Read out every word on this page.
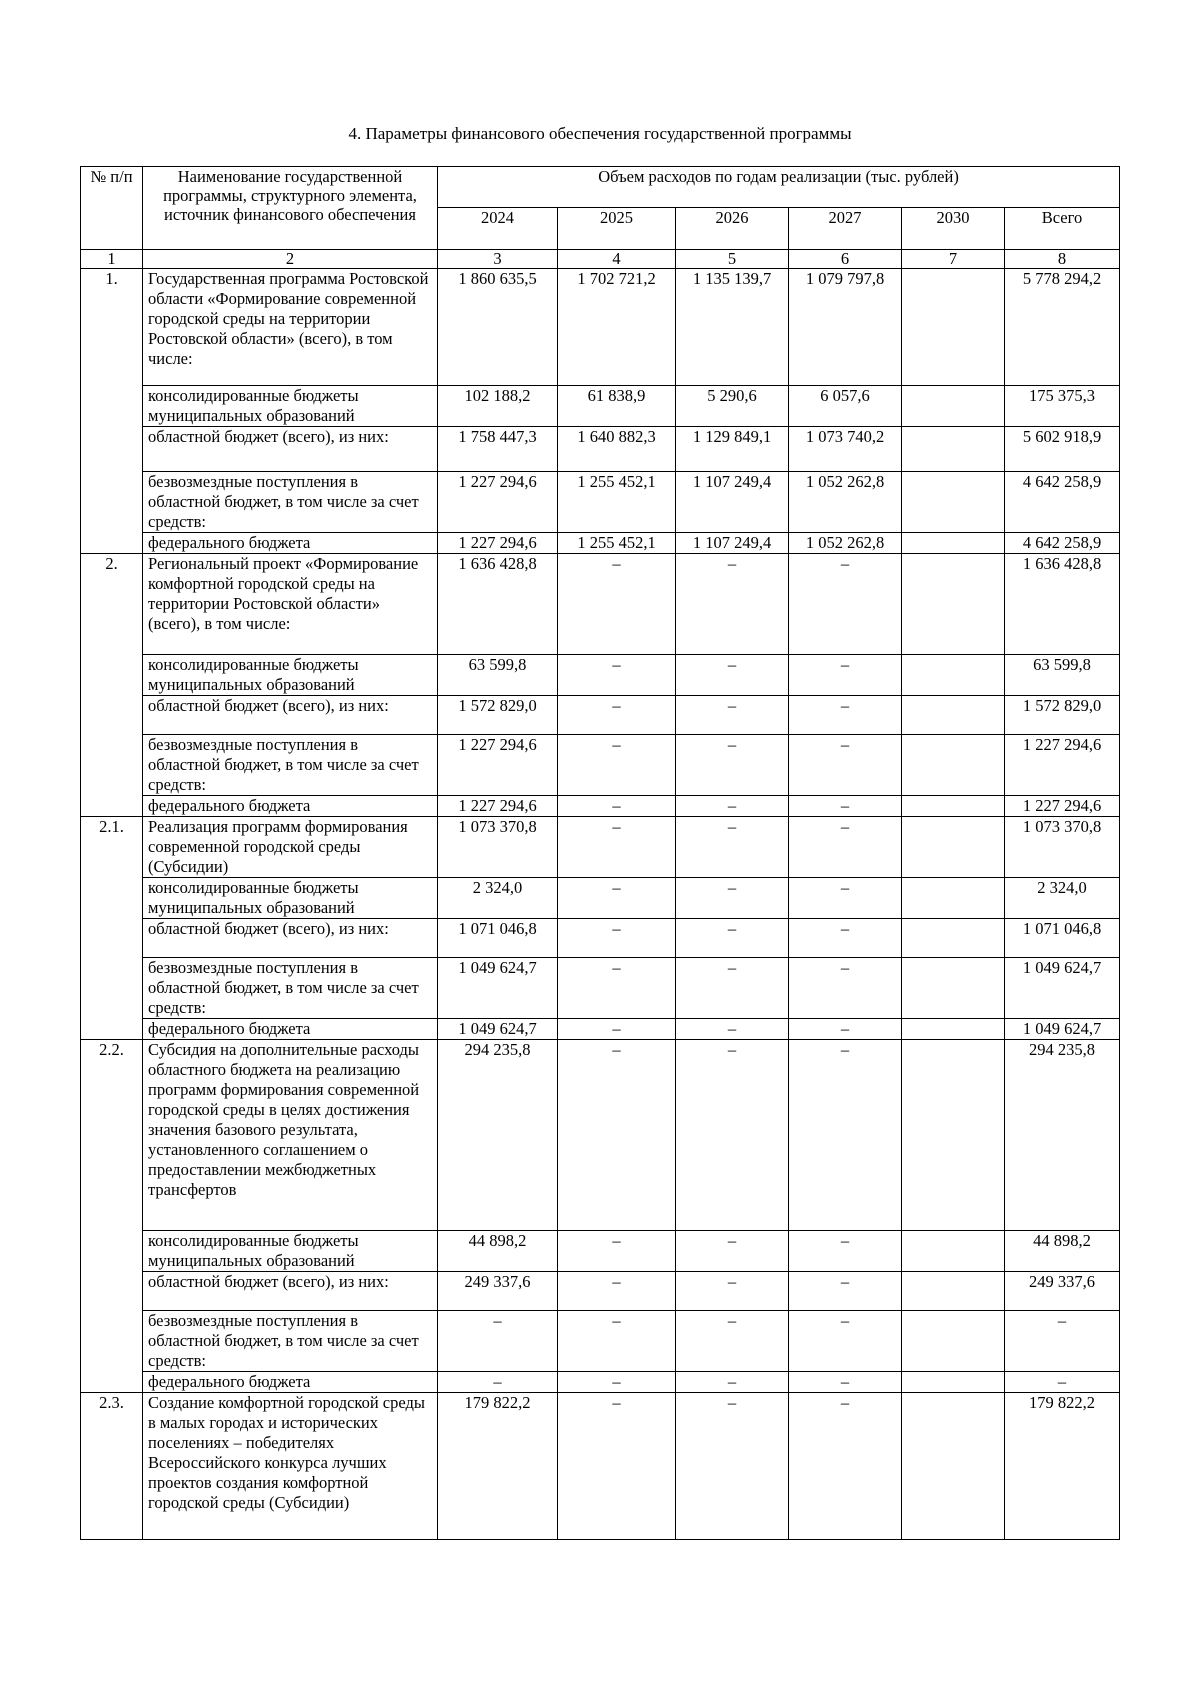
4. Параметры финансового обеспечения государственной программы
№ п/п	Наименование государственной программы, структурного элемента, источник финансового обеспечения	Объем расходов по годам реализации (тыс. рублей)					
		2024	2025	2026	2027	2030	Всего
1	2	3	4	5	6	7	8
1.	Государственная программа Ростовской области «Формирование современной городской среды на территории Ростовской области» (всего), в том числе:	1 860 635,5	1 702 721,2	1 135 139,7	1 079 797,8		5 778 294,2
	консолидированные бюджеты муниципальных образований	102 188,2	61 838,9	5 290,6	6 057,6		175 375,3
	областной бюджет (всего), из них:	1 758 447,3	1 640 882,3	1 129 849,1	1 073 740,2		5 602 918,9
	безвозмездные поступления в областной бюджет, в том числе за счет средств:	1 227 294,6	1 255 452,1	1 107 249,4	1 052 262,8		4 642 258,9
	федерального бюджета	1 227 294,6	1 255 452,1	1 107 249,4	1 052 262,8		4 642 258,9
2.	Региональный проект «Формирование комфортной городской среды на территории Ростовской области» (всего), в том числе:	1 636 428,8	–	–	–		1 636 428,8
	консолидированные бюджеты муниципальных образований	63 599,8	–	–	–		63 599,8
	областной бюджет (всего), из них:	1 572 829,0	–	–	–		1 572 829,0
	безвозмездные поступления в областной бюджет, в том числе за счет средств:	1 227 294,6	–	–	–		1 227 294,6
	федерального бюджета	1 227 294,6	–	–	–		1 227 294,6
2.1.	Реализация программ формирования современной городской среды (Субсидии)	1 073 370,8	–	–	–		1 073 370,8
	консолидированные бюджеты муниципальных образований	2 324,0	–	–	–		2 324,0
	областной бюджет (всего), из них:	1 071 046,8	–	–	–		1 071 046,8
	безвозмездные поступления в областной бюджет, в том числе за счет средств:	1 049 624,7	–	–	–		1 049 624,7
	федерального бюджета	1 049 624,7	–	–	–		1 049 624,7
2.2.	Субсидия на дополнительные расходы областного бюджета на реализацию программ формирования современной городской среды в целях достижения значения базового результата, установленного соглашением о предоставлении межбюджетных трансфертов	294 235,8	–	–	–		294 235,8
	консолидированные бюджеты муниципальных образований	44 898,2	–	–	–		44 898,2
	областной бюджет (всего), из них:	249 337,6	–	–	–		249 337,6
	безвозмездные поступления в областной бюджет, в том числе за счет средств:	–	–	–	–		–
	федерального бюджета	–	–	–	–		–
2.3.	Создание комфортной городской среды в малых городах и исторических поселениях – победителях Всероссийского конкурса лучших проектов создания комфортной городской среды (Субсидии)	179 822,2	–	–	–		179 822,2
